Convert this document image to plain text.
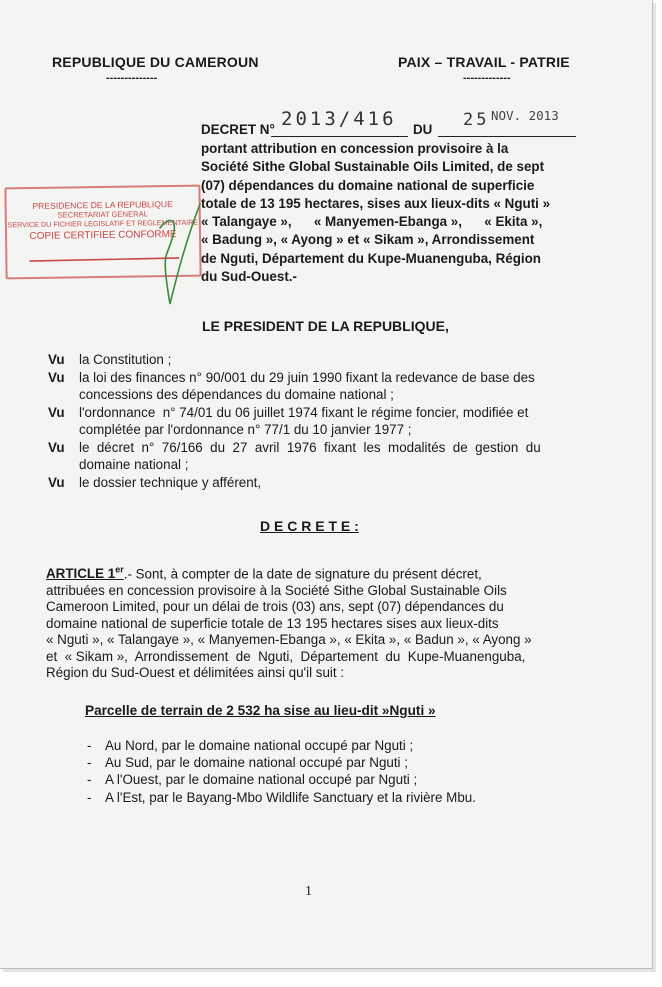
REPUBLIQUE DU CAMEROUN
--------------
PAIX – TRAVAIL - PATRIE
-------------
DECRET N° 2013/416 DU 25 NOV. 2013
portant attribution en concession provisoire à la
Société Sithe Global Sustainable Oils Limited, de sept
(07) dépendances du domaine national de superficie
totale de 13 195 hectares, sises aux lieux-dits « Nguti »
« Talangaye »,      « Manyemen-Ebanga »,      « Ekita »,
« Badung », « Ayong » et « Sikam », Arrondissement
de Nguti, Département du Kupe-Muanenguba, Région
du Sud-Ouest.-
PRESIDENCE DE LA REPUBLIQUE
SECRETARIAT GENERAL
SERVICE DU FICHIER LEGISLATIF ET REGLEMENTAIRE
COPIE CERTIFIEE CONFORME
LE PRESIDENT DE LA REPUBLIQUE,
Vu la Constitution ;
Vu la loi des finances n° 90/001 du 29 juin 1990 fixant la redevance de base des
concessions des dépendances du domaine national ;
Vu l'ordonnance  n° 74/01 du 06 juillet 1974 fixant le régime foncier, modifiée et
complétée par l'ordonnance n° 77/1 du 10 janvier 1977 ;
Vu le  décret  n°  76/166  du  27  avril  1976  fixant  les  modalités  de  gestion  du
domaine national ;
Vu le dossier technique y afférent,
D E C R E T E :
ARTICLE 1er.- Sont, à compter de la date de signature du présent décret,
attribuées en concession provisoire à la Société Sithe Global Sustainable Oils
Cameroon Limited, pour un délai de trois (03) ans, sept (07) dépendances du
domaine national de superficie totale de 13 195 hectares sises aux lieux-dits
« Nguti », « Talangaye », « Manyemen-Ebanga », « Ekita », « Badun », « Ayong »
et  « Sikam »,  Arrondissement  de  Nguti,  Département  du  Kupe-Muanenguba,
Région du Sud-Ouest et délimitées ainsi qu'il suit :
Parcelle de terrain de 2 532 ha sise au lieu-dit »Nguti »
- Au Nord, par le domaine national occupé par Nguti ;
- Au Sud, par le domaine national occupé par Nguti ;
- A l'Ouest, par le domaine national occupé par Nguti ;
- A l'Est, par le Bayang-Mbo Wildlife Sanctuary et la rivière Mbu.
1
